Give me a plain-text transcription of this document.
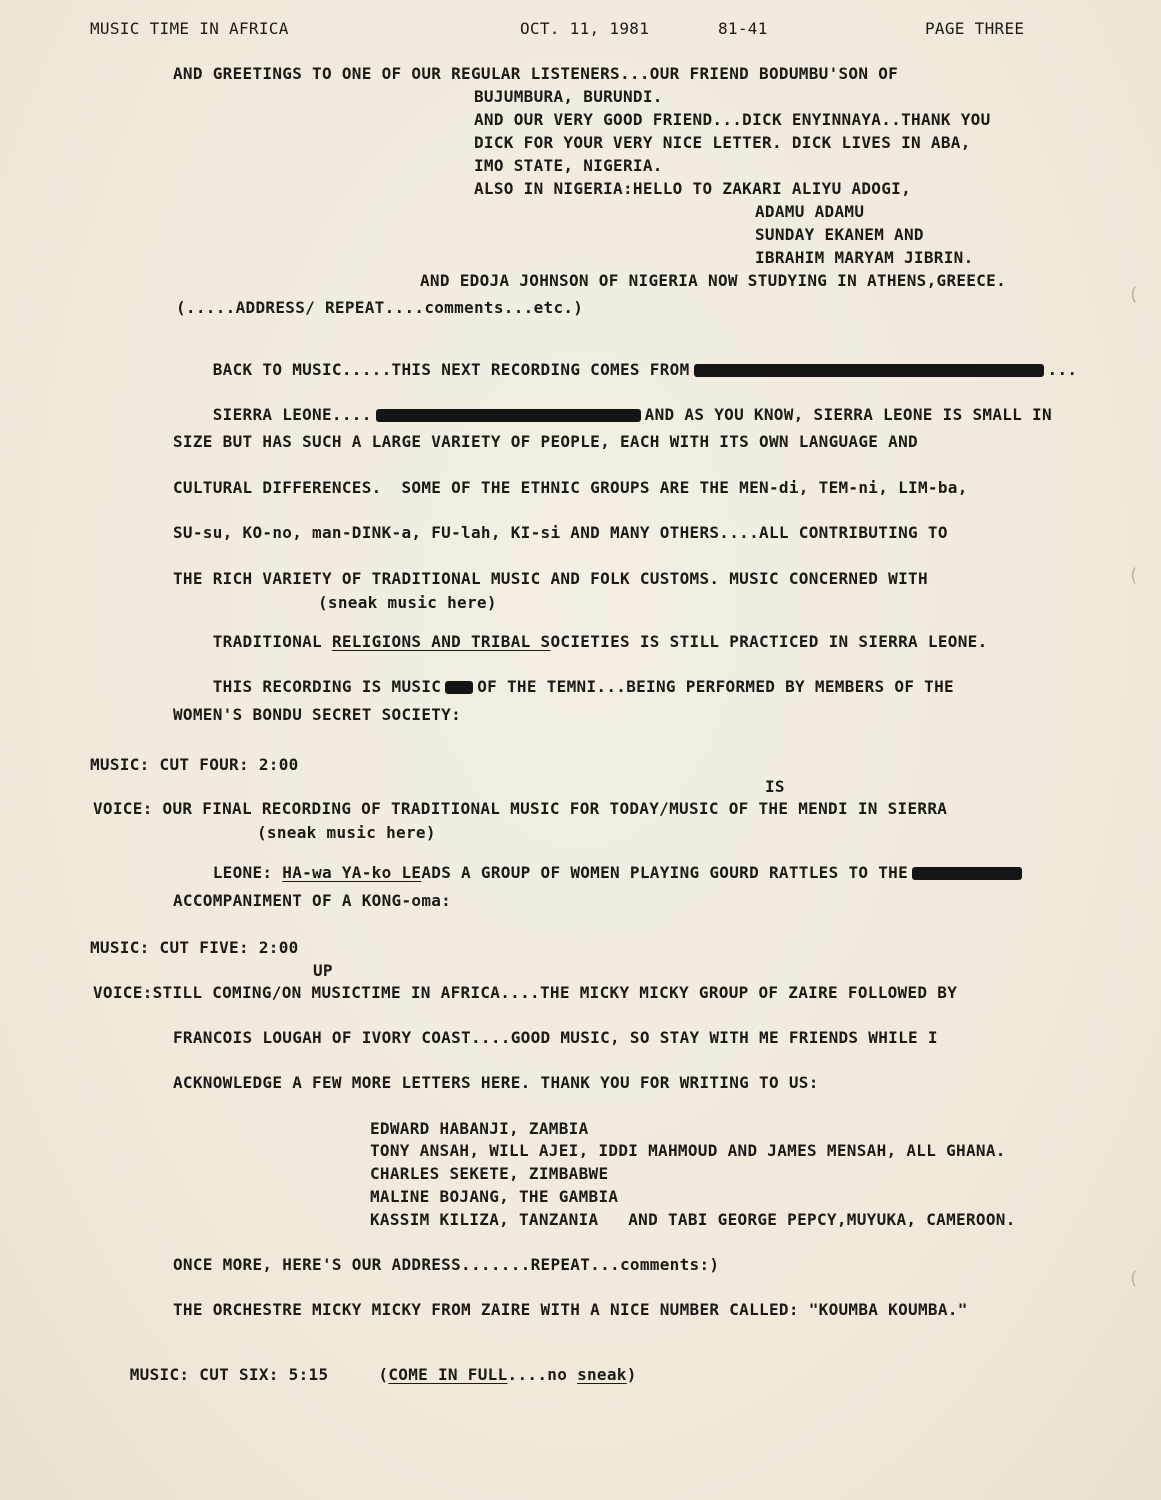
MUSIC TIME IN AFRICA	OCT. 11, 1981	81-41	PAGE THREE
AND GREETINGS TO ONE OF OUR REGULAR LISTENERS...OUR FRIEND BODUMBU'SON OF
BUJUMBURA, BURUNDI.
AND OUR VERY GOOD FRIEND...DICK ENYINNAYA..THANK YOU
DICK FOR YOUR VERY NICE LETTER. DICK LIVES IN ABA,
IMO STATE, NIGERIA.
ALSO IN NIGERIA:HELLO TO ZAKARI ALIYU ADOGI,
ADAMU ADAMU
SUNDAY EKANEM AND
IBRAHIM MARYAM JIBRIN.
AND EDOJA JOHNSON OF NIGERIA NOW STUDYING IN ATHENS,GREECE.
(.....ADDRESS/ REPEAT....comments...etc.)

BACK TO MUSIC.....THIS NEXT RECORDING COMES FROM	...

SIERRA LEONE....	AND AS YOU KNOW, SIERRA LEONE IS SMALL IN

SIZE BUT HAS SUCH A LARGE VARIETY OF PEOPLE, EACH WITH ITS OWN LANGUAGE AND
CULTURAL DIFFERENCES.  SOME OF THE ETHNIC GROUPS ARE THE MEN-di, TEM-ni, LIM-ba,
SU-su, KO-no, man-DINK-a, FU-lah, KI-si AND MANY OTHERS....ALL CONTRIBUTING TO
THE RICH VARIETY OF TRADITIONAL MUSIC AND FOLK CUSTOMS. MUSIC CONCERNED WITH
(sneak music here)

TRADITIONAL RELIGIONS AND TRIBAL SOCIETIES IS STILL PRACTICED IN SIERRA LEONE.

THIS RECORDING IS MUSIC OF THE TEMNI...BEING PERFORMED BY MEMBERS OF THE

WOMEN'S BONDU SECRET SOCIETY:
MUSIC: CUT FOUR: 2:00
IS
VOICE: OUR FINAL RECORDING OF TRADITIONAL MUSIC FOR TODAY/MUSIC OF THE MENDI IN SIERRA
(sneak music here)

LEONE: HA-wa YA-ko LEADS A GROUP OF WOMEN PLAYING GOURD RATTLES TO THE

ACCOMPANIMENT OF A KONG-oma:
MUSIC: CUT FIVE: 2:00
UP
VOICE:STILL COMING/ON MUSICTIME IN AFRICA....THE MICKY MICKY GROUP OF ZAIRE FOLLOWED BY
FRANCOIS LOUGAH OF IVORY COAST....GOOD MUSIC, SO STAY WITH ME FRIENDS WHILE I
ACKNOWLEDGE A FEW MORE LETTERS HERE. THANK YOU FOR WRITING TO US:
EDWARD HABANJI, ZAMBIA
TONY ANSAH, WILL AJEI, IDDI MAHMOUD AND JAMES MENSAH, ALL GHANA.
CHARLES SEKETE, ZIMBABWE
MALINE BOJANG, THE GAMBIA
KASSIM KILIZA, TANZANIA   AND TABI GEORGE PEPCY,MUYUKA, CAMEROON.
ONCE MORE, HERE'S OUR ADDRESS.......REPEAT...comments:)
THE ORCHESTRE MICKY MICKY FROM ZAIRE WITH A NICE NUMBER CALLED: "KOUMBA KOUMBA."

MUSIC: CUT SIX: 5:15	(COME IN FULL....no sneak)

(
(
(
